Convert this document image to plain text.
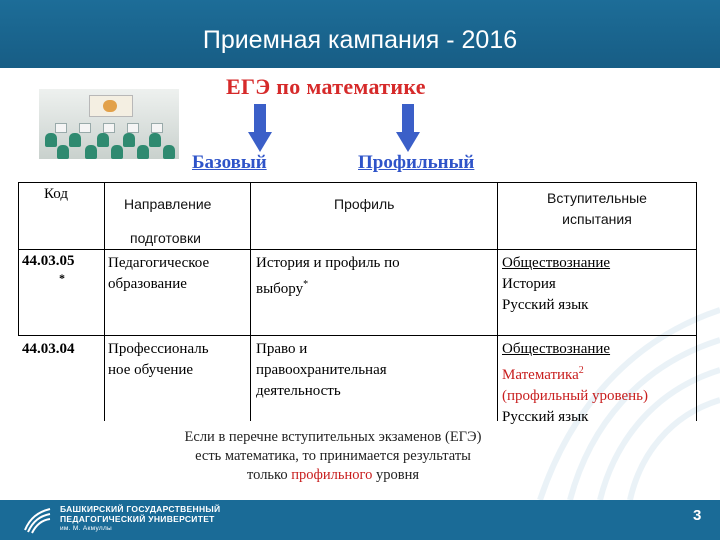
Приемная кампания - 2016
ЕГЭ по математике
Базовый	Профильный
Код
Направление
подготовки
Профиль	Вступительные
испытания
44.03.05
*
Педагогическое
образование
История и профиль по
выбору*
Обществознание
История
Русский язык
44.03.04 Профессиональ
ное обучение
Право и
правоохранительная
деятельность
Обществознание
Математика$^2$
(профильный уровень)
Русский язык
Если в перечне вступительных экзаменов (ЕГЭ)
есть математика, то принимается результаты
только профильного уровня
БАШКИРСКИЙ ГОСУДАРСТВЕННЫЙ
ПЕДАГОГИЧЕСКИЙ УНИВЕРСИТЕТ
им. М. Акмуллы
3
